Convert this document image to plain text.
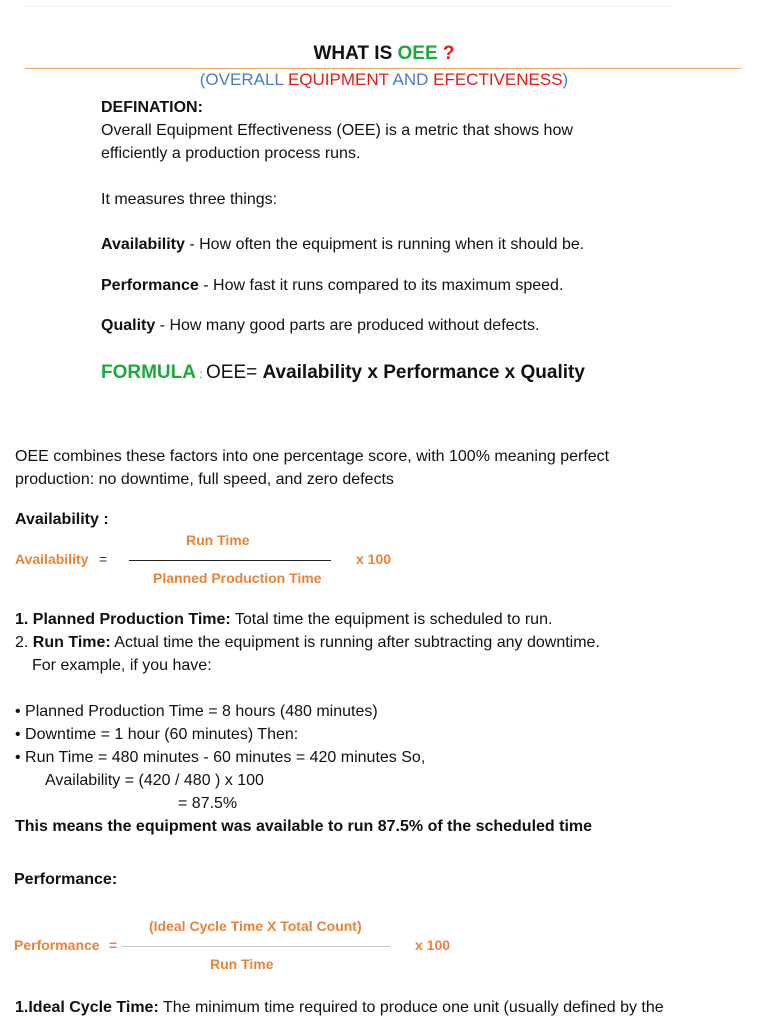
WHAT IS OEE ?
(OVERALL EQUIPMENT AND EFECTIVENESS)
DEFINATION:
Overall Equipment Effectiveness (OEE) is a metric that shows how
efficiently a production process runs.
It measures three things:
Availability - How often the equipment is running when it should be.
Performance - How fast it runs compared to its maximum speed.
Quality - How many good parts are produced without defects.
FORMULA : OEE= Availability x Performance x Quality
OEE combines these factors into one percentage score, with 100% meaning perfect
production: no downtime, full speed, and zero defects
Availability :
Availability =
Run Time
Planned Production Time
x 100
1. Planned Production Time: Total time the equipment is scheduled to run.
2. Run Time: Actual time the equipment is running after subtracting any downtime.
For example, if you have:
• Planned Production Time = 8 hours (480 minutes)
• Downtime = 1 hour (60 minutes) Then:
• Run Time = 480 minutes - 60 minutes = 420 minutes So,
Availability = (420 / 480 ) x 100
= 87.5%
This means the equipment was available to run 87.5% of the scheduled time
Performance:
Performance =
(Ideal Cycle Time X Total Count)
Run Time
x 100
1.Ideal Cycle Time: The minimum time required to produce one unit (usually defined by the
